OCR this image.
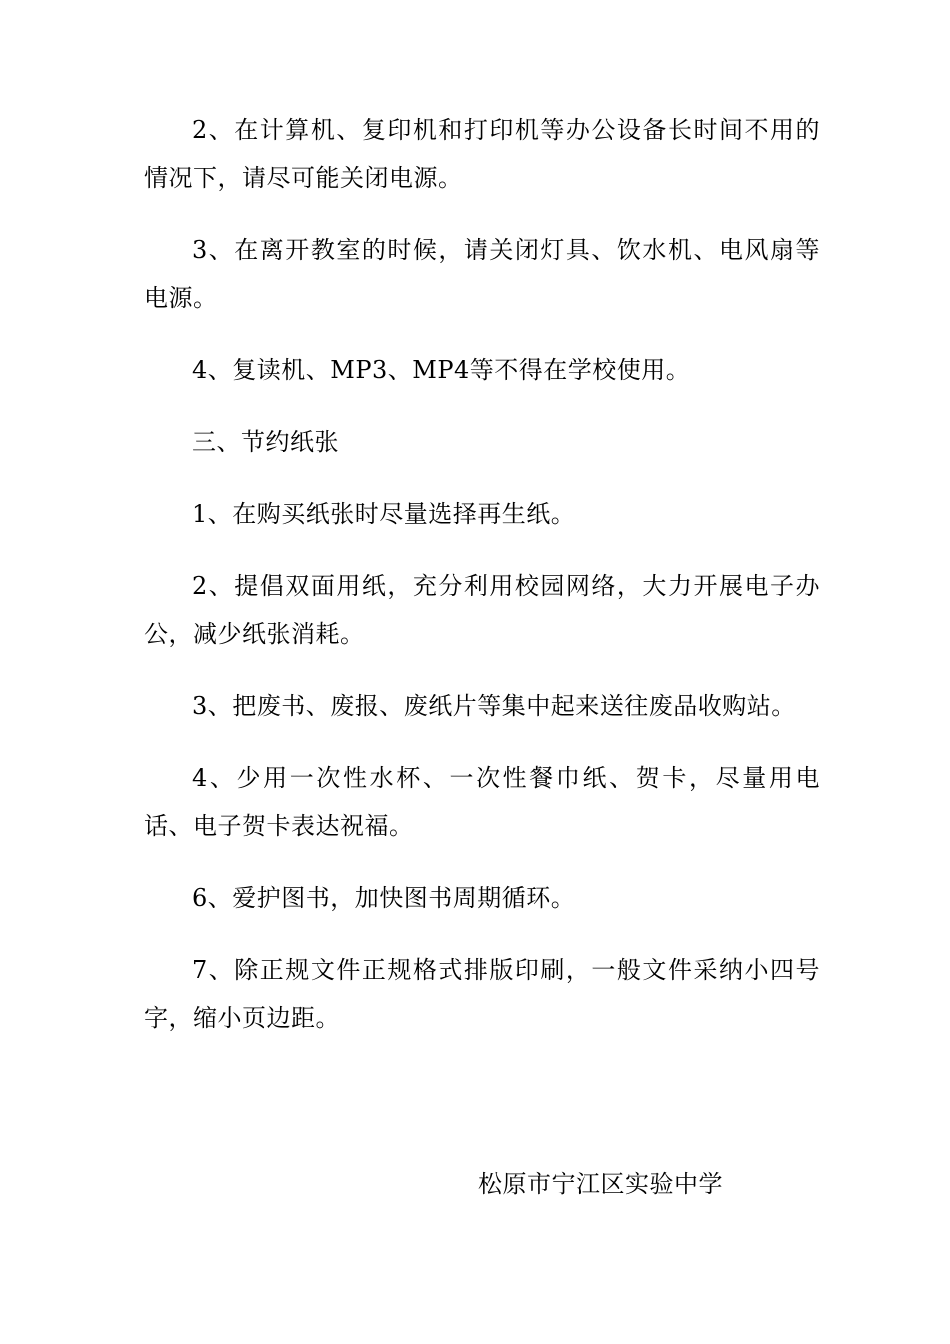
2、在计算机、复印机和打印机等办公设备长时间不用的情况下，请尽可能关闭电源。

3、在离开教室的时候，请关闭灯具、饮水机、电风扇等电源。

4、复读机、MP3、MP4等不得在学校使用。

三、节约纸张

1、在购买纸张时尽量选择再生纸。

2、提倡双面用纸，充分利用校园网络，大力开展电子办公，减少纸张消耗。

3、把废书、废报、废纸片等集中起来送往废品收购站。

4、少用一次性水杯、一次性餐巾纸、贺卡，尽量用电话、电子贺卡表达祝福。

6、爱护图书，加快图书周期循环。

7、除正规文件正规格式排版印刷，一般文件采纳小四号字，缩小页边距。

松原市宁江区实验中学
